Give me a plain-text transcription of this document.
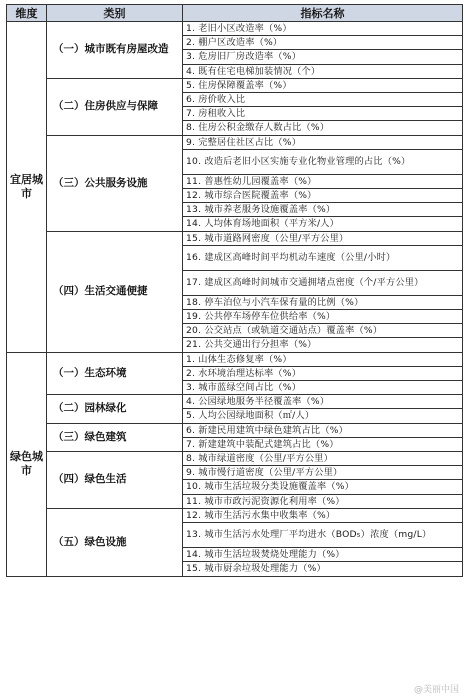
维度	类别	指标名称
宜居城市	（一）城市既有房屋改造	1. 老旧小区改造率（%）
		2. 棚户区改造率（%）
		3. 危房旧厂房改造率（%）
		4. 既有住宅电梯加装情况（个）
	（二）住房供应与保障	5. 住房保障覆盖率（%）
		6. 房价收入比
		7. 房租收入比
		8. 住房公积金缴存人数占比（%）
	（三）公共服务设施	9. 完整居住社区占比（%）
		10. 改造后老旧小区实施专业化物业管理的占比（%）
		11. 普惠性幼儿园覆盖率（%）
		12. 城市综合医院覆盖率（%）
		13. 城市养老服务设施覆盖率（%）
		14. 人均体育场地面积（平方米/人）
	（四）生活交通便捷	15. 城市道路网密度（公里/平方公里）
		16. 建成区高峰时间平均机动车速度（公里/小时）
		17. 建成区高峰时间城市交通拥堵点密度（个/平方公里）
		18. 停车泊位与小汽车保有量的比例（%）
		19. 公共停车场停车位供给率（%）
		20. 公交站点（或轨道交通站点）覆盖率（%）
		21. 公共交通出行分担率（%）
绿色城市	（一）生态环境	1. 山体生态修复率（%）
		2. 水环境治理达标率（%）
		3. 城市蓝绿空间占比（%）
	（二）园林绿化	4. 公园绿地服务半径覆盖率（%）
		5. 人均公园绿地面积（㎡/人）
	（三）绿色建筑	6. 新建民用建筑中绿色建筑占比（%）
		7. 新建建筑中装配式建筑占比（%）
	（四）绿色生活	8. 城市绿道密度（公里/平方公里）
		9. 城市慢行道密度（公里/平方公里）
		10. 城市生活垃圾分类设施覆盖率（%）
		11. 城市市政污泥资源化利用率（%）
	（五）绿色设施	12. 城市生活污水集中收集率（%）
		13. 城市生活污水处理厂平均进水（BOD₅）浓度（mg/L）
		14. 城市生活垃圾焚烧处理能力（%）
		15. 城市厨余垃圾处理能力（%）
@美丽中国
